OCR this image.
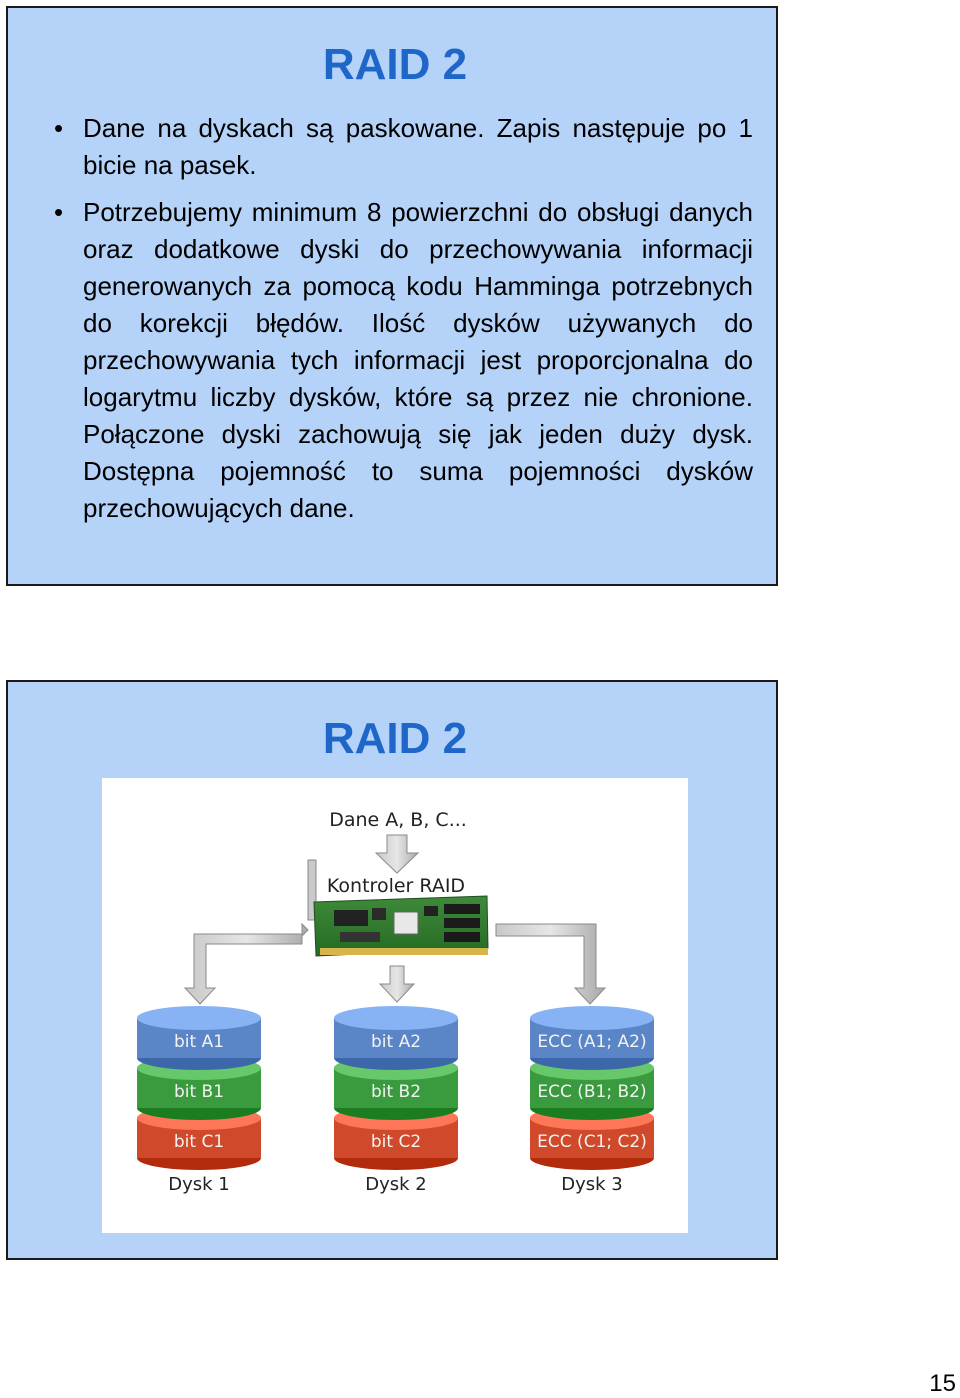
RAID 2
• Dane na dyskach są paskowane. Zapis następuje po 1 bicie na pasek.
• Potrzebujemy minimum 8 powierzchni do obsługi danych oraz dodatkowe dyski do przechowywania informacji generowanych za pomocą kodu Hamminga potrzebnych do korekcji błędów. Ilość dysków używanych do przechowywania tych informacji jest proporcjonalna do logarytmu liczby dysków, które są przez nie chronione. Połączone dyski zachowują się jak jeden duży dysk. Dostępna pojemność to suma pojemności dysków przechowujących dane.
RAID 2
Dane A, B, C...
Kontroler RAID
bit C1
bit B1
bit A1
Dysk 1
bit C2
bit B2
bit A2
Dysk 2
ECC (C1; C2)
ECC (B1; B2)
ECC (A1; A2)
Dysk 3
15
